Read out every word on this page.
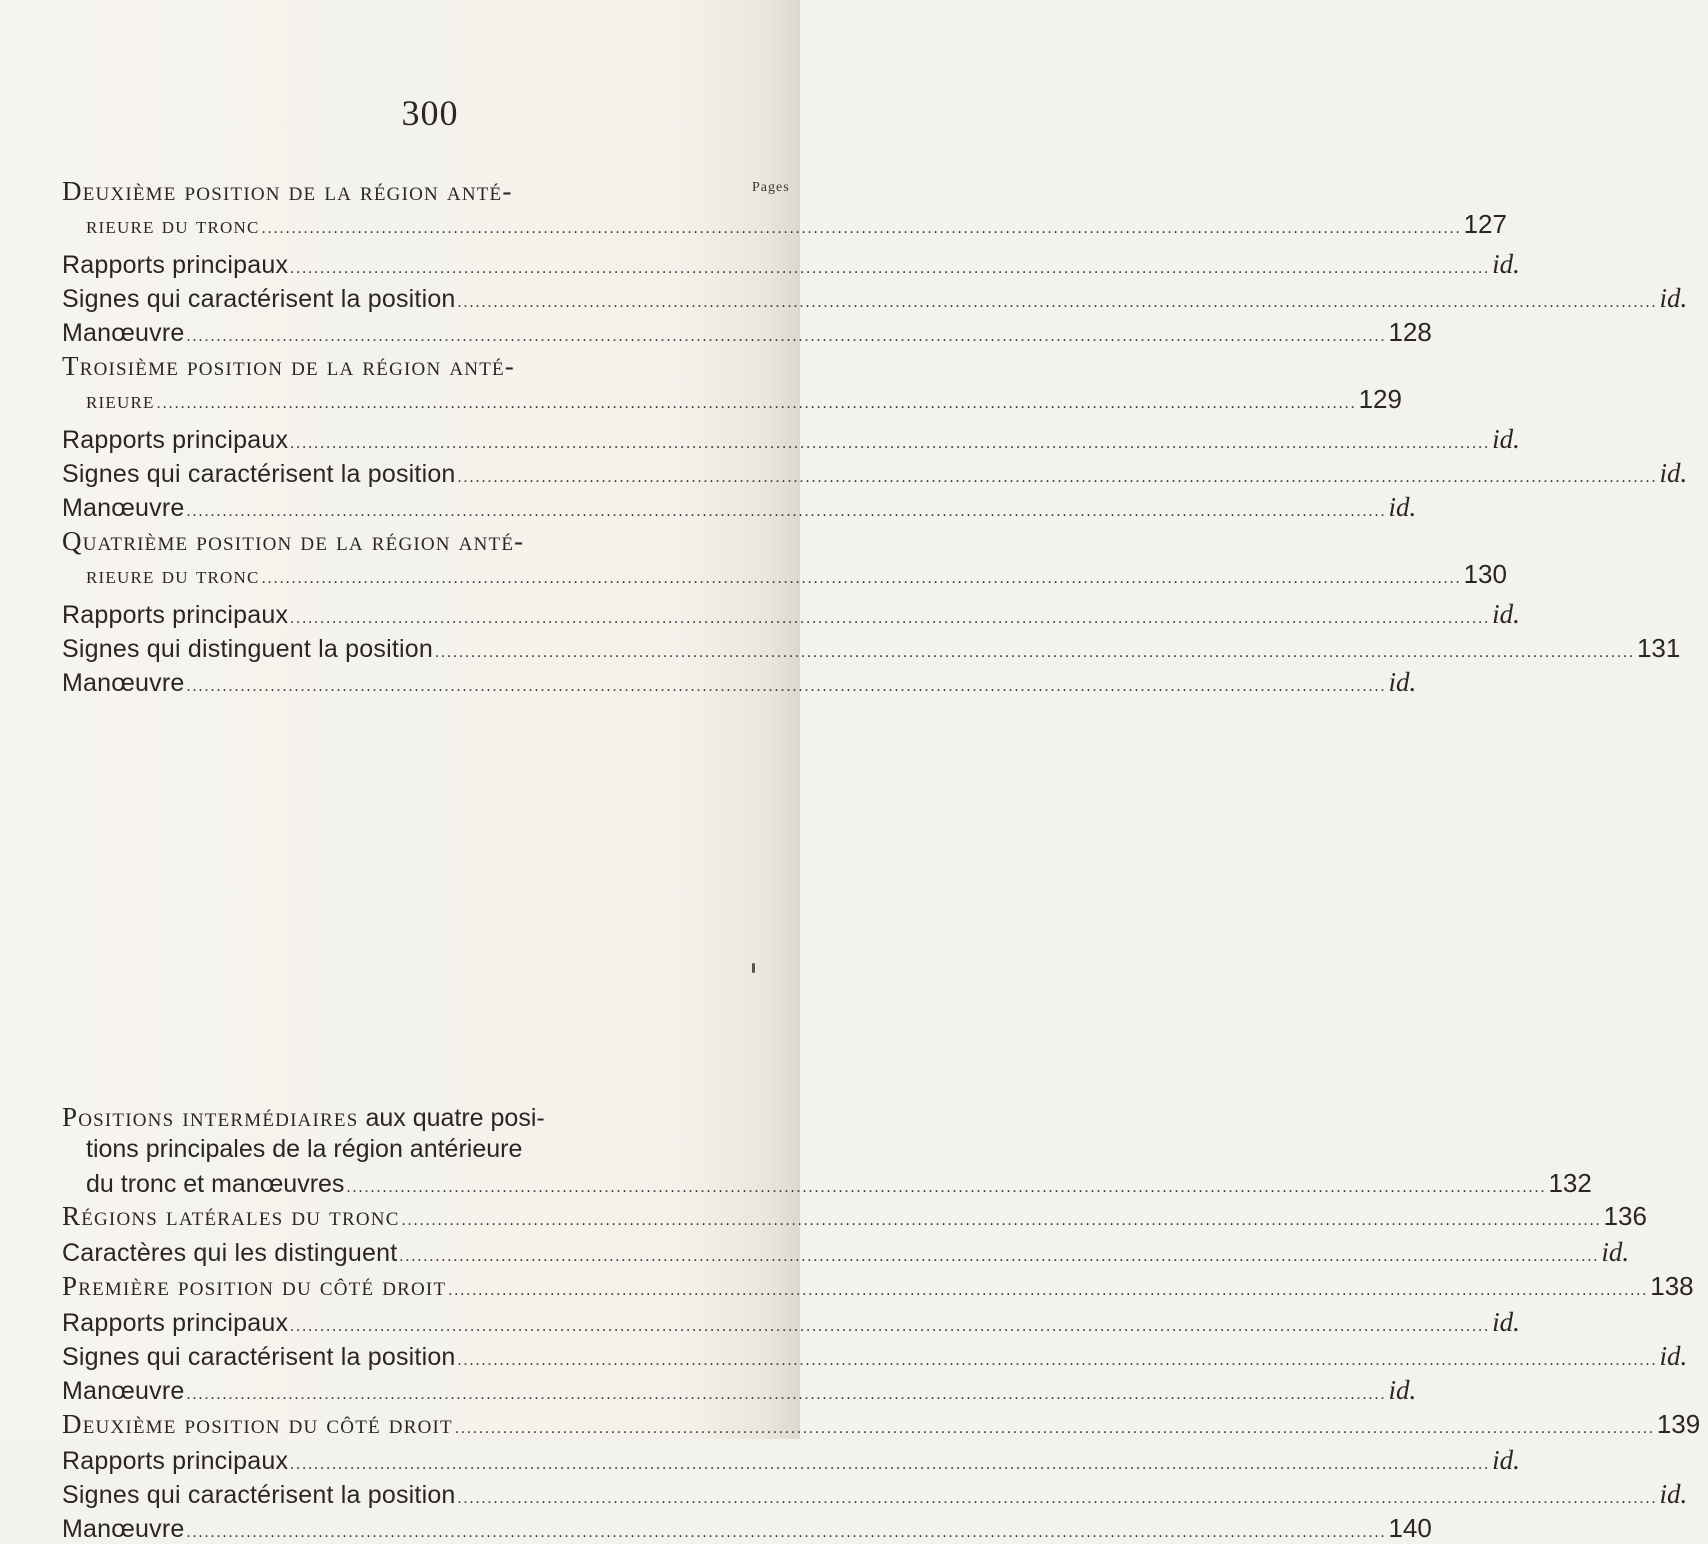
300
Pages
Deuxième position de la région anté-
rieure du tronc .....	127
Rapports principaux .....	id.
Signes qui caractérisent la position .....	id.
Manœuvre .....	128
Troisième position de la région anté-
rieure .....	129
Rapports principaux .....	id.
Signes qui caractérisent la position .....	id.
Manœuvre .....	id.
Quatrième position de la région anté-
rieure du tronc .....	130
Rapports principaux .....	id.
Signes qui distinguent la position .....	131
Manœuvre .....	id.
Positions intermédiaires aux quatre posi-
tions principales de la région antérieure
du tronc et manœuvres .....	132
Régions latérales du tronc .....	136
Caractères qui les distinguent .....	id.
Première position du côté droit .....	138
Rapports principaux .....	id.
Signes qui caractérisent la position .....	id.
Manœuvre .....	id.
Deuxième position du côté droit .....	139
Rapports principaux .....	id.
Signes qui caractérisent la position .....	id.
Manœuvre .....	140
